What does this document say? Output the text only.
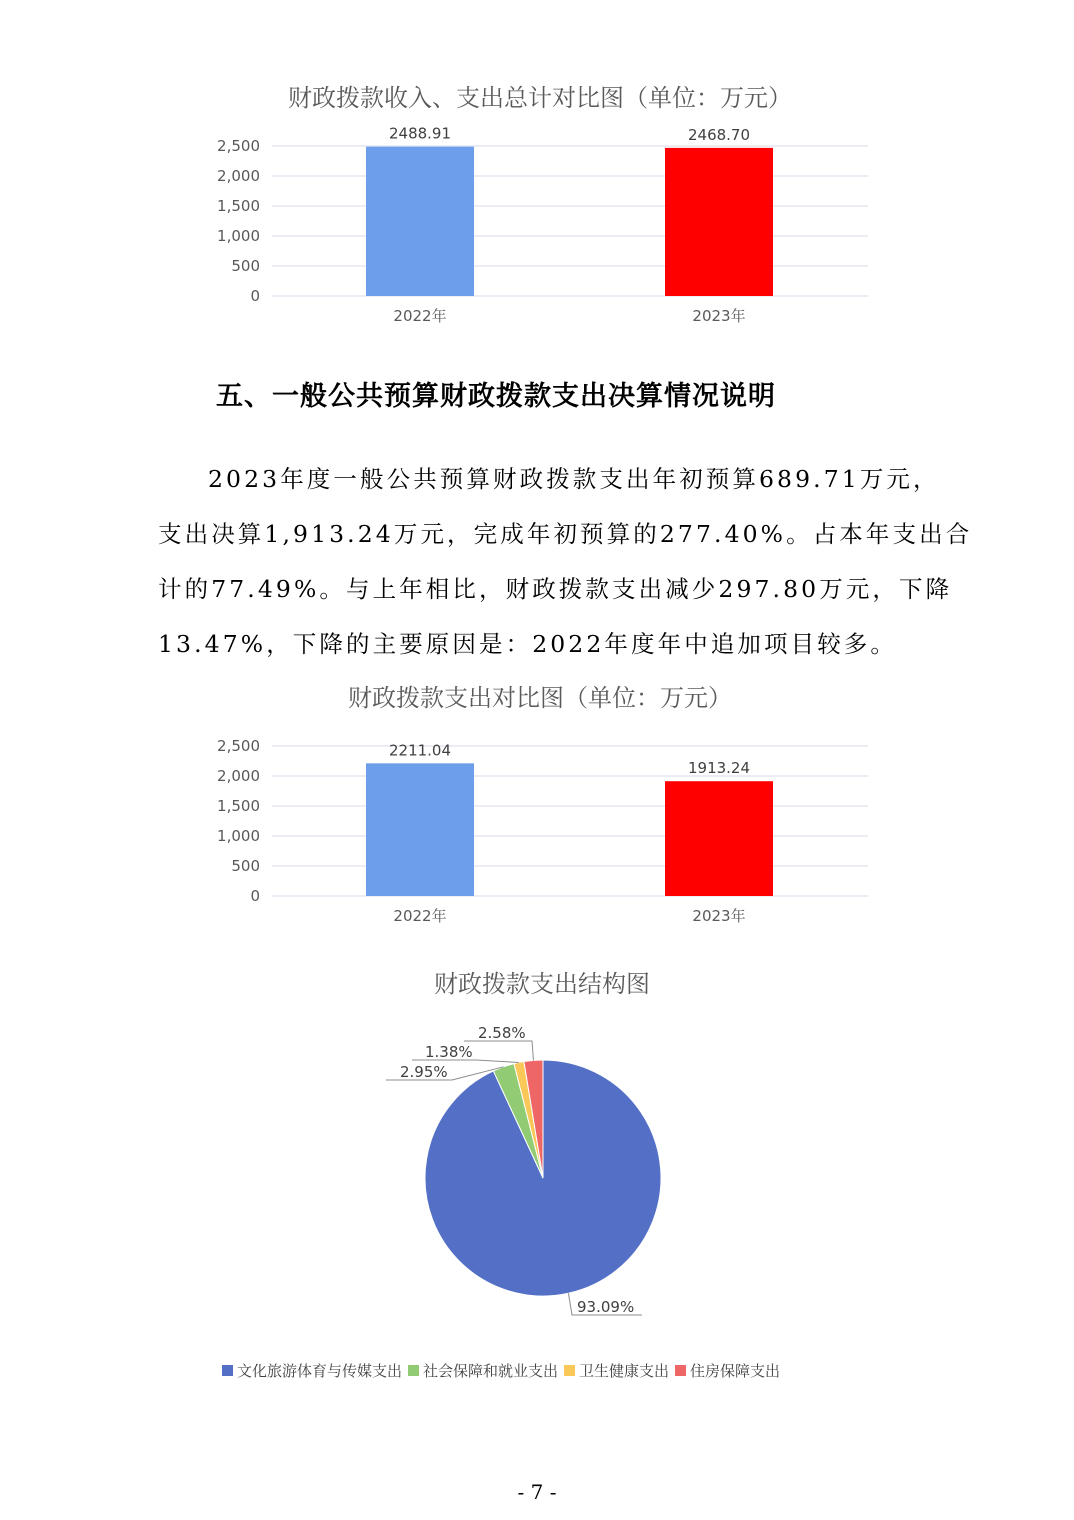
财政拨款收入、支出总计对比图（单位：万元）
0
500
1,000
1,500
2,000
2,500
2488.91
2022年
2468.70
2023年
五、一般公共预算财政拨款支出决算情况说明
2023年度一般公共预算财政拨款支出年初预算689.71万元，
支出决算1,913.24万元，完成年初预算的277.40%。占本年支出合
计的77.49%。与上年相比，财政拨款支出减少297.80万元，下降
13.47%，下降的主要原因是：2022年度年中追加项目较多。
财政拨款支出对比图（单位：万元）
0
500
1,000
1,500
2,000
2,500	2211.04
2022年
1913.24
2023年
财政拨款支出结构图
93.09%
2.95%
1.38%
2.58%
文化旅游体育与传媒支出 社会保障和就业支出 卫生健康支出 住房保障支出
- 7 -
